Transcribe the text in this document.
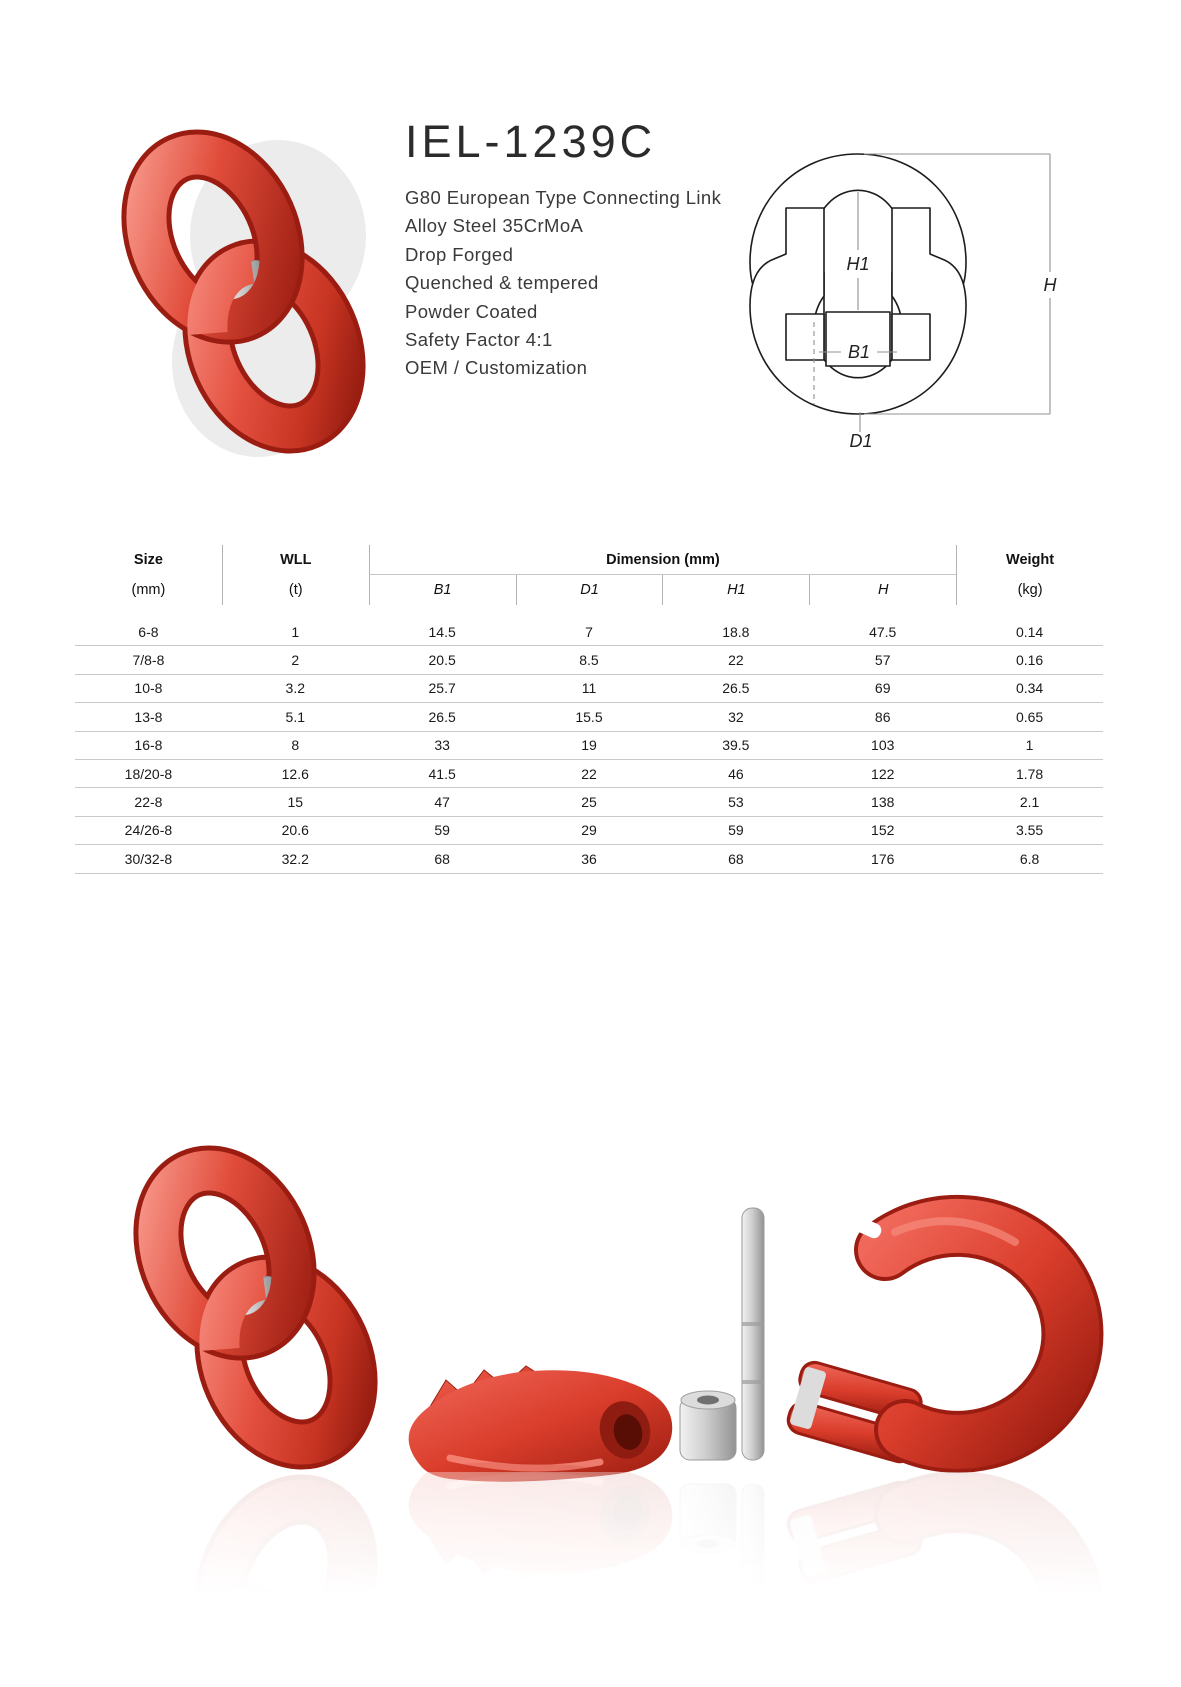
IEL-1239C
G80 European Type Connecting Link
Alloy Steel 35CrMoA
Drop Forged
Quenched & tempered
Powder Coated
Safety Factor 4:1
OEM / Customization
H1
B1
D1
H
Size	WLL	Dimension (mm)	Weight
(mm)	(t)	B1	D1	H1	H	(kg)
6-8	1	14.5	7	18.8	47.5	0.14
7/8-8	2	20.5	8.5	22	57	0.16
10-8	3.2	25.7	11	26.5	69	0.34
13-8	5.1	26.5	15.5	32	86	0.65
16-8	8	33	19	39.5	103	1
18/20-8	12.6	41.5	22	46	122	1.78
22-8	15	47	25	53	138	2.1
24/26-8	20.6	59	29	59	152	3.55
30/32-8	32.2	68	36	68	176	6.8
